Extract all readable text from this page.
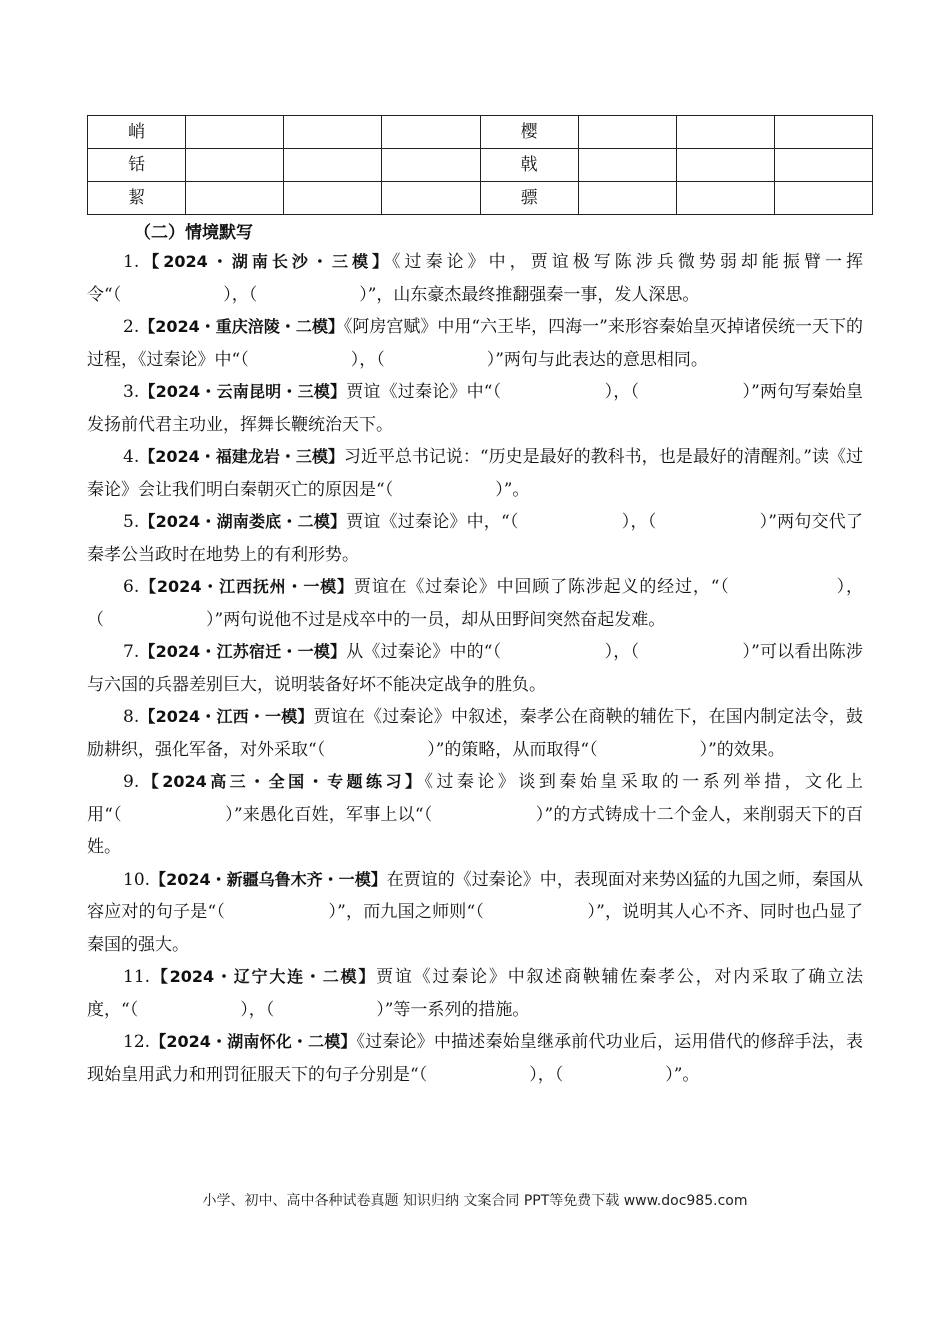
峭				樱			
铦				戟			
絜				骠			
（二）情境默写

1.【2024・湖南长沙・三模】《过秦论》中，贾谊极写陈涉兵微势弱却能振臂一挥令“（　　　　　　），（　　　　　　）”，山东豪杰最终推翻强秦一事，发人深思。

2.【2024・重庆涪陵・二模】《阿房宫赋》中用“六王毕，四海一”来形容秦始皇灭掉诸侯统一天下的过程，《过秦论》中“（　　　　　　），（　　　　　　）”两句与此表达的意思相同。

3.【2024・云南昆明・三模】贾谊《过秦论》中“（　　　　　　），（　　　　　　）”两句写秦始皇发扬前代君主功业，挥舞长鞭统治天下。

4.【2024・福建龙岩・三模】习近平总书记说：“历史是最好的教科书，也是最好的清醒剂。”读《过秦论》会让我们明白秦朝灭亡的原因是“（　　　　　　）”。

5.【2024・湖南娄底・二模】贾谊《过秦论》中，“（　　　　　　），（　　　　　　）”两句交代了秦孝公当政时在地势上的有利形势。

6.【2024・江西抚州・一模】贾谊在《过秦论》中回顾了陈涉起义的经过，“（　　　　　　），（　　　　　　）”两句说他不过是戍卒中的一员，却从田野间突然奋起发难。

7.【2024・江苏宿迁・一模】从《过秦论》中的“（　　　　　　），（　　　　　　）”可以看出陈涉与六国的兵器差别巨大，说明装备好坏不能决定战争的胜负。

8.【2024・江西・一模】贾谊在《过秦论》中叙述，秦孝公在商鞅的辅佐下，在国内制定法令，鼓励耕织，强化军备，对外采取“（　　　　　　）”的策略，从而取得“（　　　　　　）”的效果。

9.【2024高三・全国・专题练习】《过秦论》谈到秦始皇采取的一系列举措，文化上用“（　　　　　　）”来愚化百姓，军事上以“（　　　　　　）”的方式铸成十二个金人，来削弱天下的百姓。

10.【2024・新疆乌鲁木齐・一模】在贾谊的《过秦论》中，表现面对来势凶猛的九国之师，秦国从容应对的句子是“（　　　　　　）”，而九国之师则“（　　　　　　）”，说明其人心不齐、同时也凸显了秦国的强大。

11.【2024・辽宁大连・二模】贾谊《过秦论》中叙述商鞅辅佐秦孝公，对内采取了确立法度，“（　　　　　　），（　　　　　　）”等一系列的措施。

12.【2024・湖南怀化・二模】《过秦论》中描述秦始皇继承前代功业后，运用借代的修辞手法，表现始皇用武力和刑罚征服天下的句子分别是“（　　　　　　），（　　　　　　）”。

小学、初中、高中各种试卷真题 知识归纳 文案合同 PPT等免费下载 www.doc985.com
